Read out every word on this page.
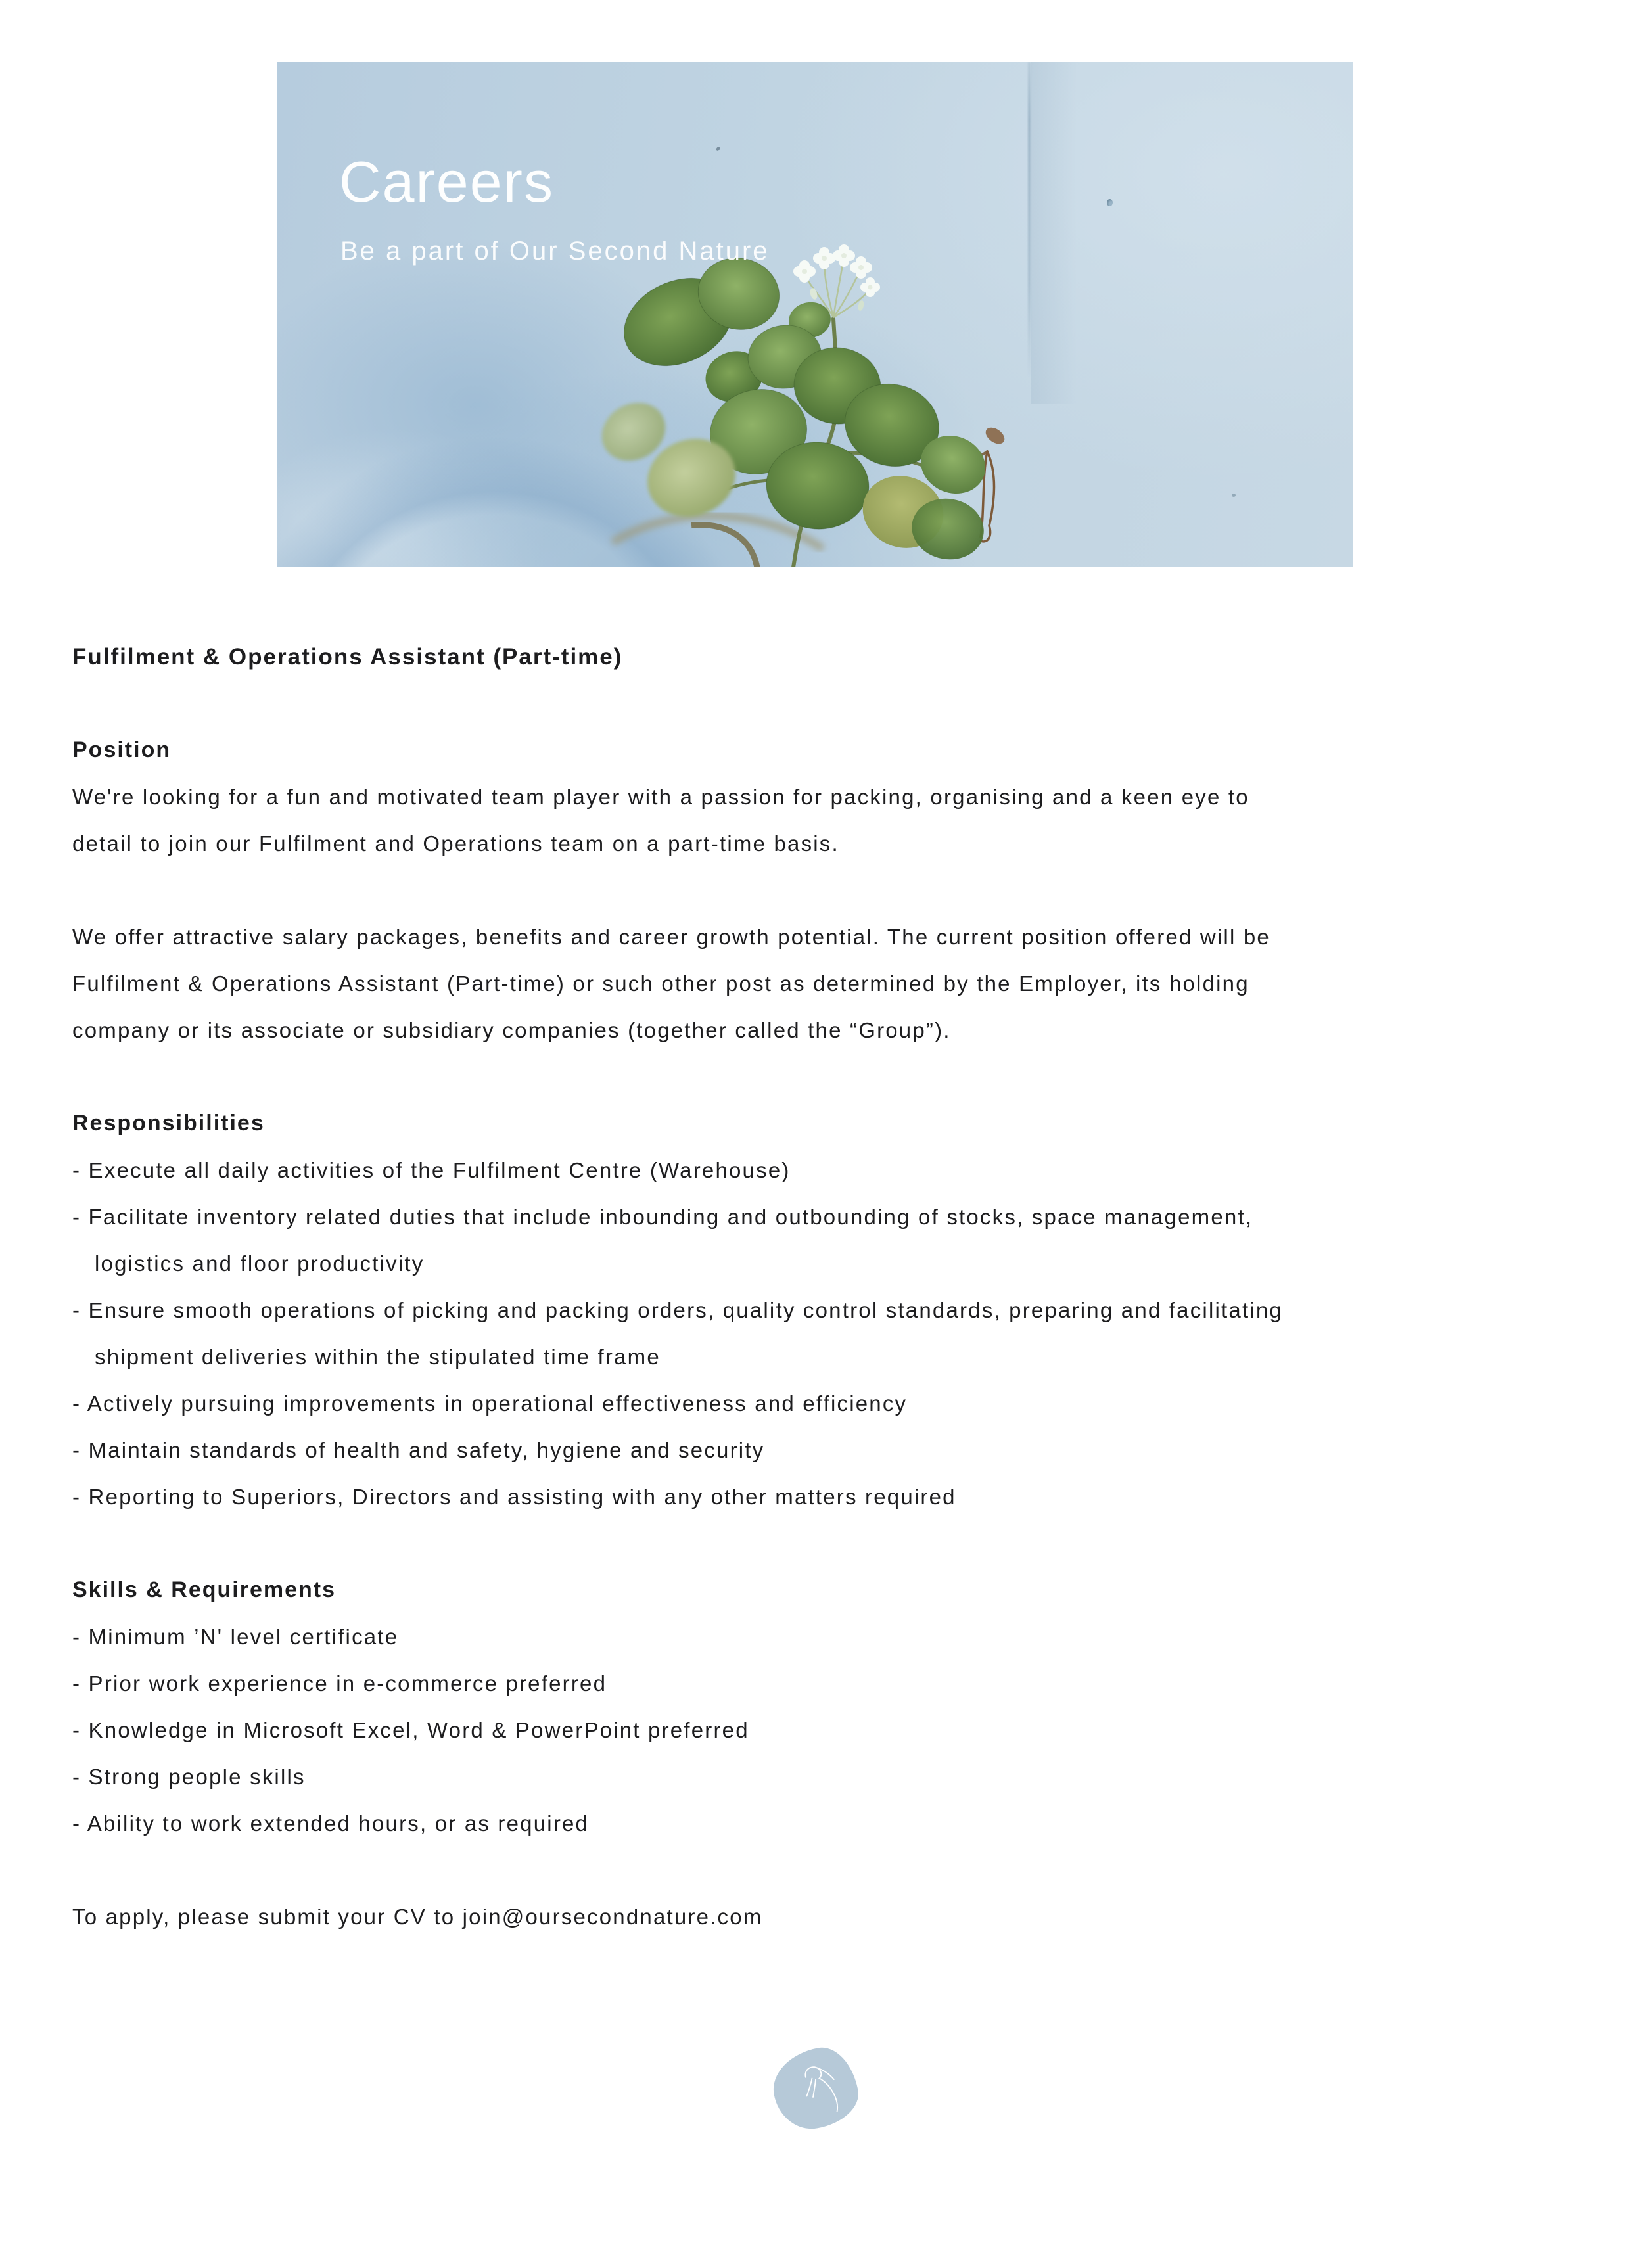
Careers
Be a part of Our Second Nature
Fulfilment & Operations Assistant (Part-time)
Position
We're looking for a fun and motivated team player with a passion for packing, organising and a keen eye to
detail to join our Fulfilment and Operations team on a part-time basis.
We offer attractive salary packages, benefits and career growth potential. The current position offered will be
Fulfilment & Operations Assistant (Part-time) or such other post as determined by the Employer, its holding
company or its associate or subsidiary companies (together called the “Group”).
Responsibilities
- Execute all daily activities of the Fulfilment Centre (Warehouse)
- Facilitate inventory related duties that include inbounding and outbounding of stocks, space management,
logistics and floor productivity
- Ensure smooth operations of picking and packing orders, quality control standards, preparing and facilitating
shipment deliveries within the stipulated time frame
- Actively pursuing improvements in operational effectiveness and efficiency
- Maintain standards of health and safety, hygiene and security
- Reporting to Superiors, Directors and assisting with any other matters required
Skills & Requirements
- Minimum ’N' level certificate
- Prior work experience in e-commerce preferred
- Knowledge in Microsoft Excel, Word & PowerPoint preferred
- Strong people skills
- Ability to work extended hours, or as required

To apply, please submit your CV to join@oursecondnature.com
